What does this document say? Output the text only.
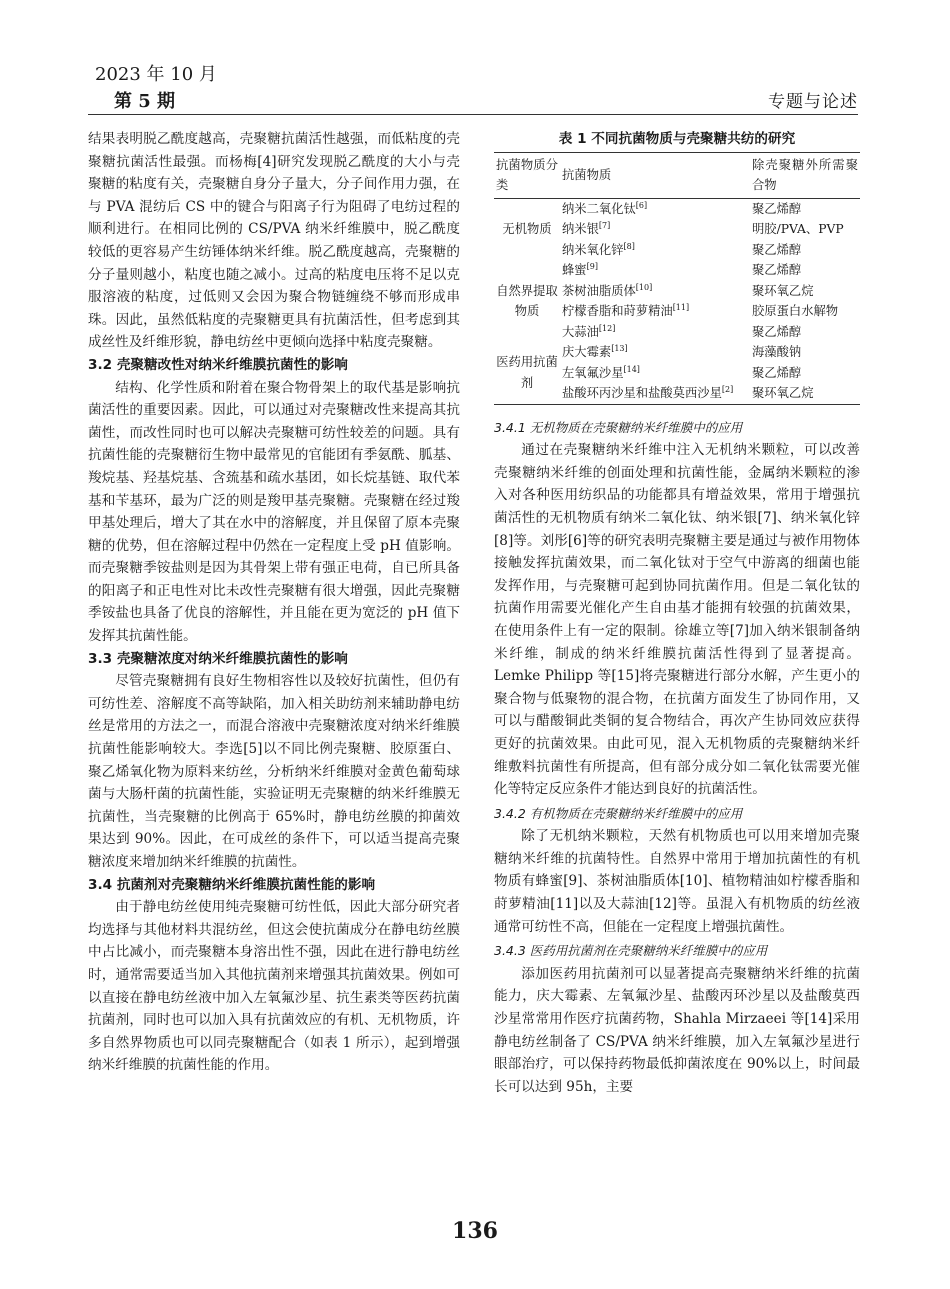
2023 年 10 月
第 5 期	专题与论述

结果表明脱乙酰度越高，壳聚糖抗菌活性越强，而低粘度的壳聚糖抗菌活性最强。而杨梅[4]研究发现脱乙酰度的大小与壳聚糖的粘度有关，壳聚糖自身分子量大，分子间作用力强，在与 PVA 混纺后 CS 中的键合与阳离子行为阻碍了电纺过程的顺利进行。在相同比例的 CS/PVA 纳米纤维膜中，脱乙酰度较低的更容易产生纺锤体纳米纤维。脱乙酰度越高，壳聚糖的分子量则越小，粘度也随之减小。过高的粘度电压将不足以克服溶液的粘度，过低则又会因为聚合物链缠绕不够而形成串珠。因此，虽然低粘度的壳聚糖更具有抗菌活性，但考虑到其成丝性及纤维形貌，静电纺丝中更倾向选择中粘度壳聚糖。

3.2 壳聚糖改性对纳米纤维膜抗菌性的影响

结构、化学性质和附着在聚合物骨架上的取代基是影响抗菌活性的重要因素。因此，可以通过对壳聚糖改性来提高其抗菌性，而改性同时也可以解决壳聚糖可纺性较差的问题。具有抗菌性能的壳聚糖衍生物中最常见的官能团有季氨酰、胍基、羧烷基、羟基烷基、含巯基和疏水基团，如长烷基链、取代苯基和苄基环，最为广泛的则是羧甲基壳聚糖。壳聚糖在经过羧甲基处理后，增大了其在水中的溶解度，并且保留了原本壳聚糖的优势，但在溶解过程中仍然在一定程度上受 pH 值影响。而壳聚糖季铵盐则是因为其骨架上带有强正电荷，自已所具备的阳离子和正电性对比未改性壳聚糖有很大增强，因此壳聚糖季铵盐也具备了优良的溶解性，并且能在更为宽泛的 pH 值下发挥其抗菌性能。

3.3 壳聚糖浓度对纳米纤维膜抗菌性的影响

尽管壳聚糖拥有良好生物相容性以及较好抗菌性，但仍有可纺性差、溶解度不高等缺陷，加入相关助纺剂来辅助静电纺丝是常用的方法之一，而混合溶液中壳聚糖浓度对纳米纤维膜抗菌性能影响较大。李选[5]以不同比例壳聚糖、胶原蛋白、聚乙烯氧化物为原料来纺丝，分析纳米纤维膜对金黄色葡萄球菌与大肠杆菌的抗菌性能，实验证明无壳聚糖的纳米纤维膜无抗菌性，当壳聚糖的比例高于 65%时，静电纺丝膜的抑菌效果达到 90%。因此，在可成丝的条件下，可以适当提高壳聚糖浓度来增加纳米纤维膜的抗菌性。

3.4 抗菌剂对壳聚糖纳米纤维膜抗菌性能的影响

由于静电纺丝使用纯壳聚糖可纺性低，因此大部分研究者均选择与其他材料共混纺丝，但这会使抗菌成分在静电纺丝膜中占比减小，而壳聚糖本身溶出性不强，因此在进行静电纺丝时，通常需要适当加入其他抗菌剂来增强其抗菌效果。例如可以直接在静电纺丝液中加入左氧氟沙星、抗生素类等医药抗菌抗菌剂，同时也可以加入具有抗菌效应的有机、无机物质，许多自然界物质也可以同壳聚糖配合（如表 1 所示），起到增强纳米纤维膜的抗菌性能的作用。

表 1 不同抗菌物质与壳聚糖共纺的研究
抗菌物质分类	抗菌物质	除壳聚糖外所需聚合物
无机物质	纳米二氧化钛[6]	聚乙烯醇
	纳米银[7]	明胶/PVA、PVP
	纳米氧化锌[8]	聚乙烯醇
自然界提取物质	蜂蜜[9]	聚乙烯醇
	茶树油脂质体[10]	聚环氧乙烷
	柠檬香脂和莳萝精油[11]	胶原蛋白水解物
	大蒜油[12]	聚乙烯醇
医药用抗菌剂	庆大霉素[13]	海藻酸钠
	左氧氟沙星[14]	聚乙烯醇
	盐酸环丙沙星和盐酸莫西沙星[2]	聚环氧乙烷
3.4.1 无机物质在壳聚糖纳米纤维膜中的应用

通过在壳聚糖纳米纤维中注入无机纳米颗粒，可以改善壳聚糖纳米纤维的创面处理和抗菌性能，金属纳米颗粒的渗入对各种医用纺织品的功能都具有增益效果，常用于增强抗菌活性的无机物质有纳米二氧化钛、纳米银[7]、纳米氧化锌[8]等。刘彤[6]等的研究表明壳聚糖主要是通过与被作用物体接触发挥抗菌效果，而二氧化钛对于空气中游离的细菌也能发挥作用，与壳聚糖可起到协同抗菌作用。但是二氧化钛的抗菌作用需要光催化产生自由基才能拥有较强的抗菌效果，在使用条件上有一定的限制。徐雄立等[7]加入纳米银制备纳米纤维，制成的纳米纤维膜抗菌活性得到了显著提高。Lemke Philipp 等[15]将壳聚糖进行部分水解，产生更小的聚合物与低聚物的混合物，在抗菌方面发生了协同作用，又可以与醋酸铜此类铜的复合物结合，再次产生协同效应获得更好的抗菌效果。由此可见，混入无机物质的壳聚糖纳米纤维敷料抗菌性有所提高，但有部分成分如二氧化钛需要光催化等特定反应条件才能达到良好的抗菌活性。

3.4.2 有机物质在壳聚糖纳米纤维膜中的应用

除了无机纳米颗粒，天然有机物质也可以用来增加壳聚糖纳米纤维的抗菌特性。自然界中常用于增加抗菌性的有机物质有蜂蜜[9]、茶树油脂质体[10]、植物精油如柠檬香脂和莳萝精油[11]以及大蒜油[12]等。虽混入有机物质的纺丝液通常可纺性不高，但能在一定程度上增强抗菌性。

3.4.3 医药用抗菌剂在壳聚糖纳米纤维膜中的应用

添加医药用抗菌剂可以显著提高壳聚糖纳米纤维的抗菌能力，庆大霉素、左氧氟沙星、盐酸丙环沙星以及盐酸莫西沙星常常用作医疗抗菌药物，Shahla Mirzaeei 等[14]采用静电纺丝制备了 CS/PVA 纳米纤维膜，加入左氧氟沙星进行眼部治疗，可以保持药物最低抑菌浓度在 90%以上，时间最长可以达到 95h，主要

136
